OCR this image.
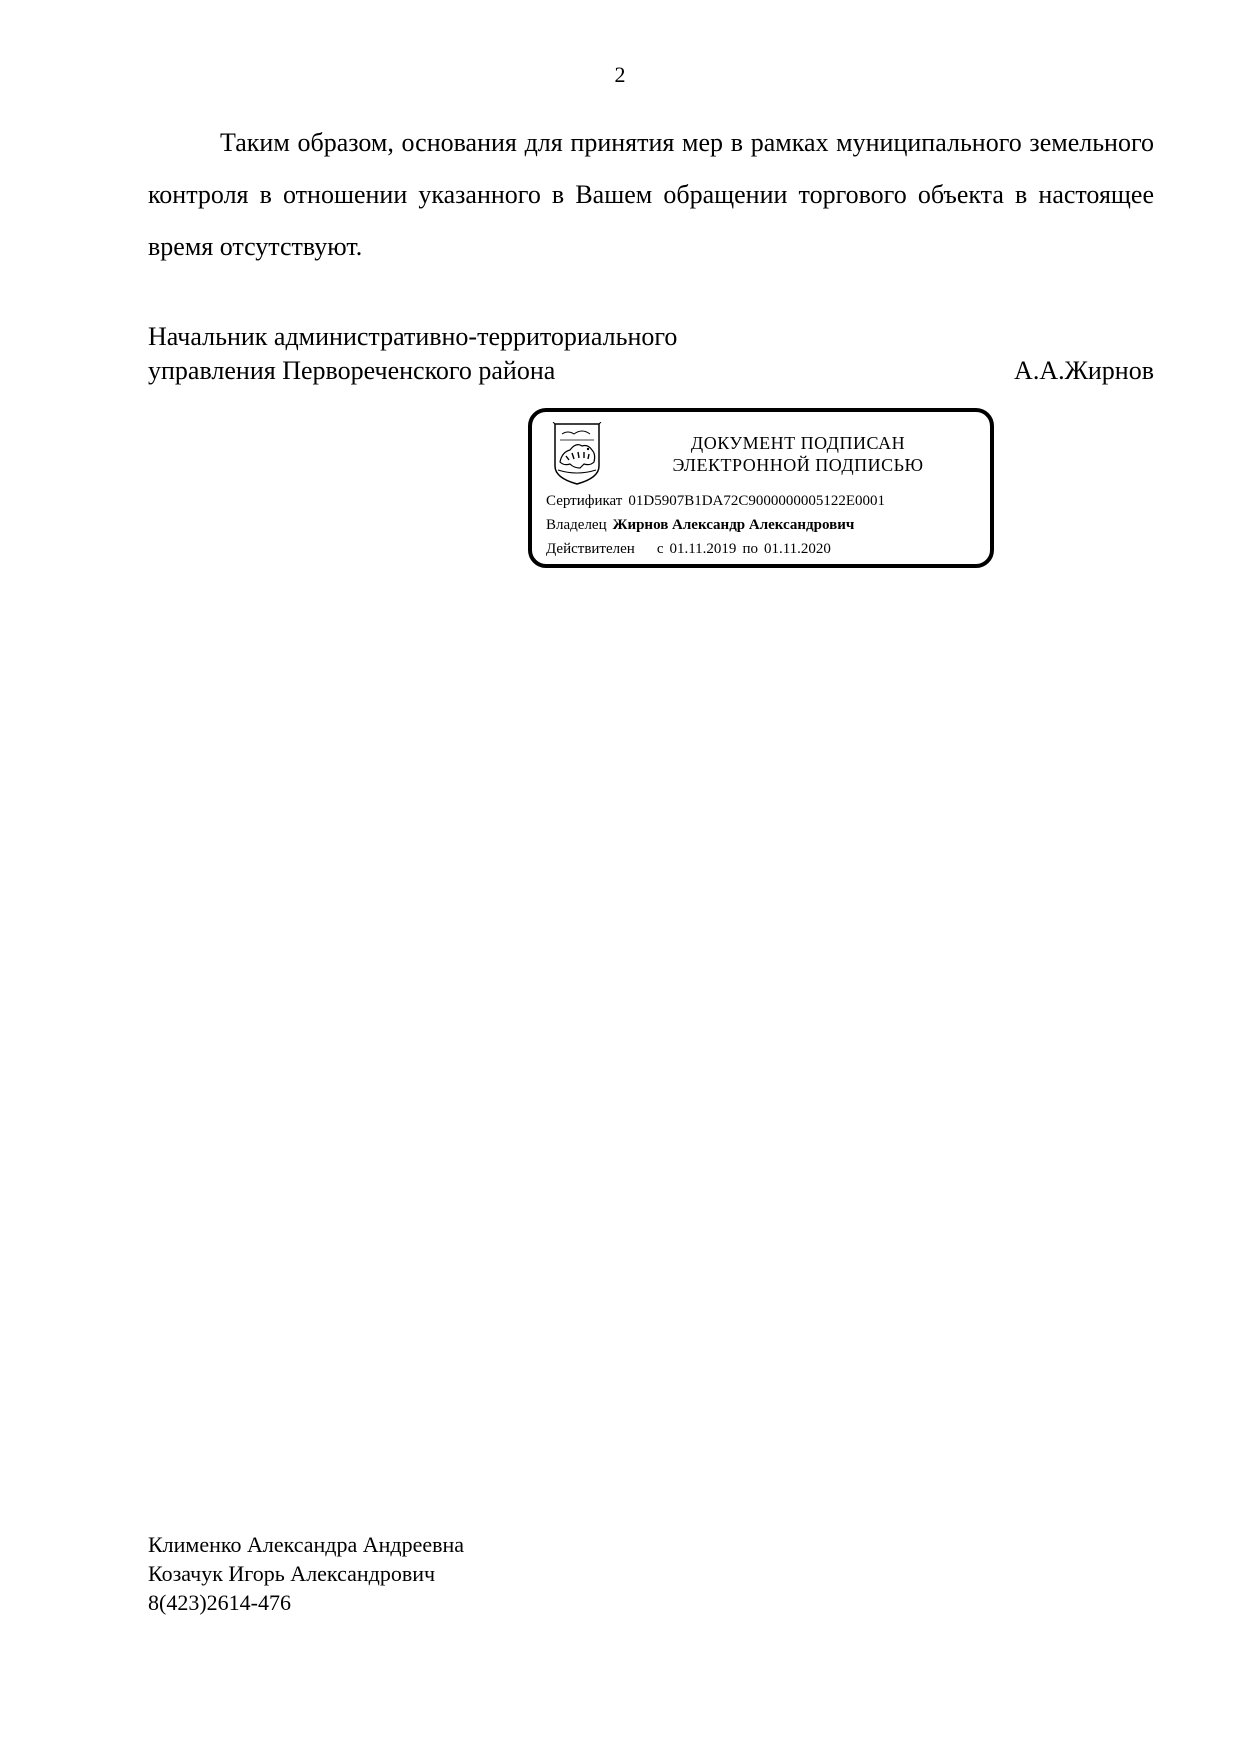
2
Таким образом, основания для принятия мер в рамках муниципального земельного контроля в отношении указанного в Вашем обращении торгового объекта в настоящее время отсутствуют.
Начальник административно-территориального
управления Первореченского района	А.А.Жирнов
ДОКУМЕНТ ПОДПИСАН
ЭЛЕКТРОННОЙ ПОДПИСЬЮ
Сертификат 01D5907B1DA72C9000000005122E0001
Владелец Жирнов Александр Александрович
Действителен с 01.11.2019 по 01.11.2020
Клименко Александра Андреевна
Козачук Игорь Александрович
8(423)2614-476
